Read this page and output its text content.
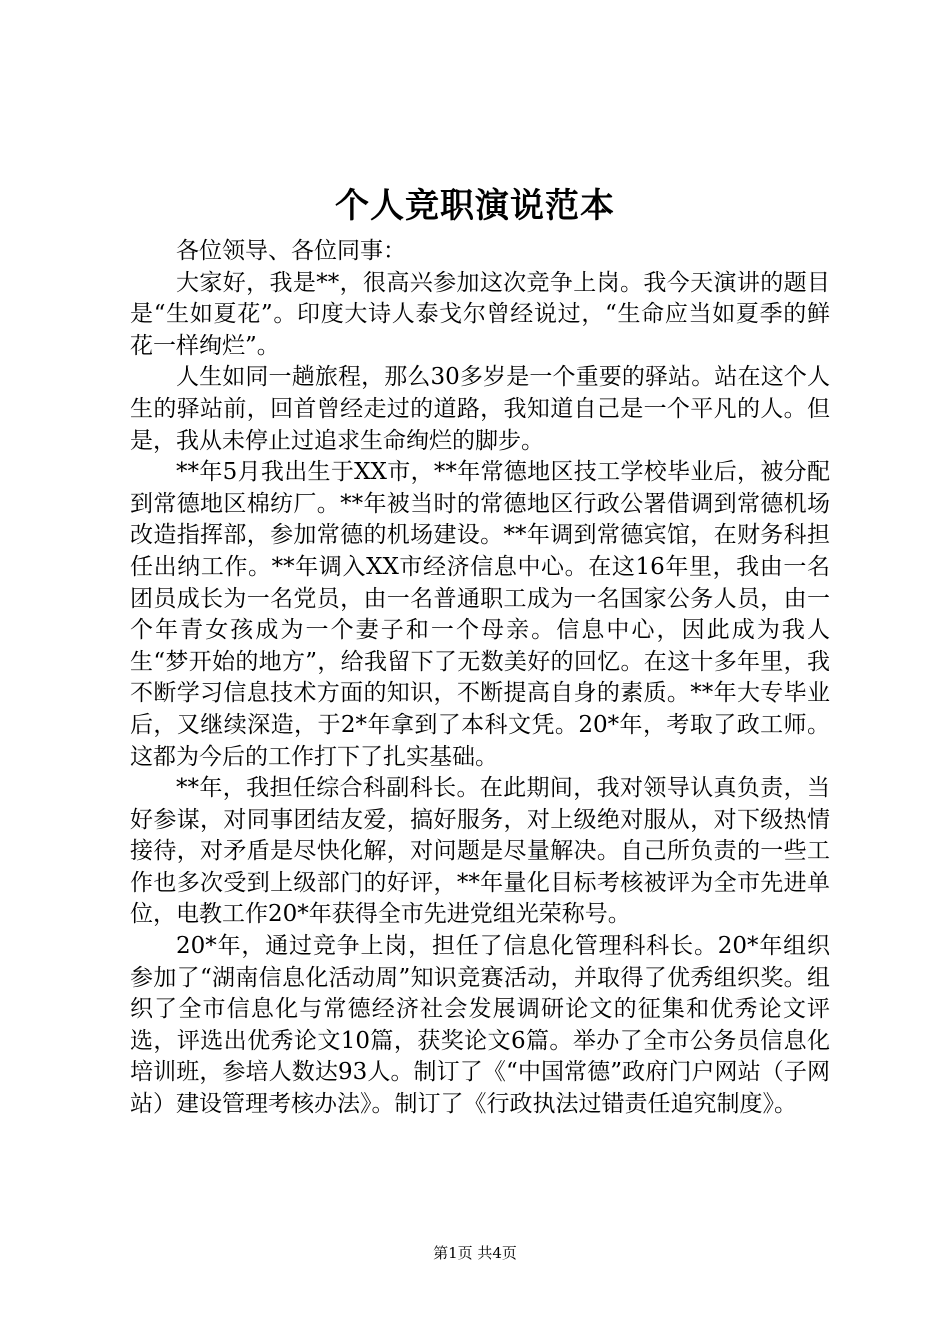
个人竞职演说范本

各位领导、各位同事：

大家好，我是**，很高兴参加这次竞争上岗。我今天演讲的题目是“生如夏花”。印度大诗人泰戈尔曾经说过，“生命应当如夏季的鲜花一样绚烂”。

人生如同一趟旅程，那么30多岁是一个重要的驿站。站在这个人生的驿站前，回首曾经走过的道路，我知道自己是一个平凡的人。但是，我从未停止过追求生命绚烂的脚步。

**年5月我出生于XX市，**年常德地区技工学校毕业后，被分配到常德地区棉纺厂。**年被当时的常德地区行政公署借调到常德机场改造指挥部，参加常德的机场建设。**年调到常德宾馆，在财务科担任出纳工作。**年调入XX市经济信息中心。在这16年里，我由一名团员成长为一名党员，由一名普通职工成为一名国家公务人员，由一个年青女孩成为一个妻子和一个母亲。信息中心，因此成为我人生“梦开始的地方”，给我留下了无数美好的回忆。在这十多年里，我不断学习信息技术方面的知识，不断提高自身的素质。**年大专毕业后，又继续深造，于2*年拿到了本科文凭。20*年，考取了政工师。这都为今后的工作打下了扎实基础。

**年，我担任综合科副科长。在此期间，我对领导认真负责，当好参谋，对同事团结友爱，搞好服务，对上级绝对服从，对下级热情接待，对矛盾是尽快化解，对问题是尽量解决。自己所负责的一些工作也多次受到上级部门的好评，**年量化目标考核被评为全市先进单位，电教工作20*年获得全市先进党组光荣称号。

20*年，通过竞争上岗，担任了信息化管理科科长。20*年组织参加了“湖南信息化活动周”知识竞赛活动，并取得了优秀组织奖。组织了全市信息化与常德经济社会发展调研论文的征集和优秀论文评选，评选出优秀论文10篇，获奖论文6篇。举办了全市公务员信息化培训班，参培人数达93人。制订了《“中国常德”政府门户网站（子网站）建设管理考核办法》。制订了《行政执法过错责任追究制度》。

第1页 共4页
